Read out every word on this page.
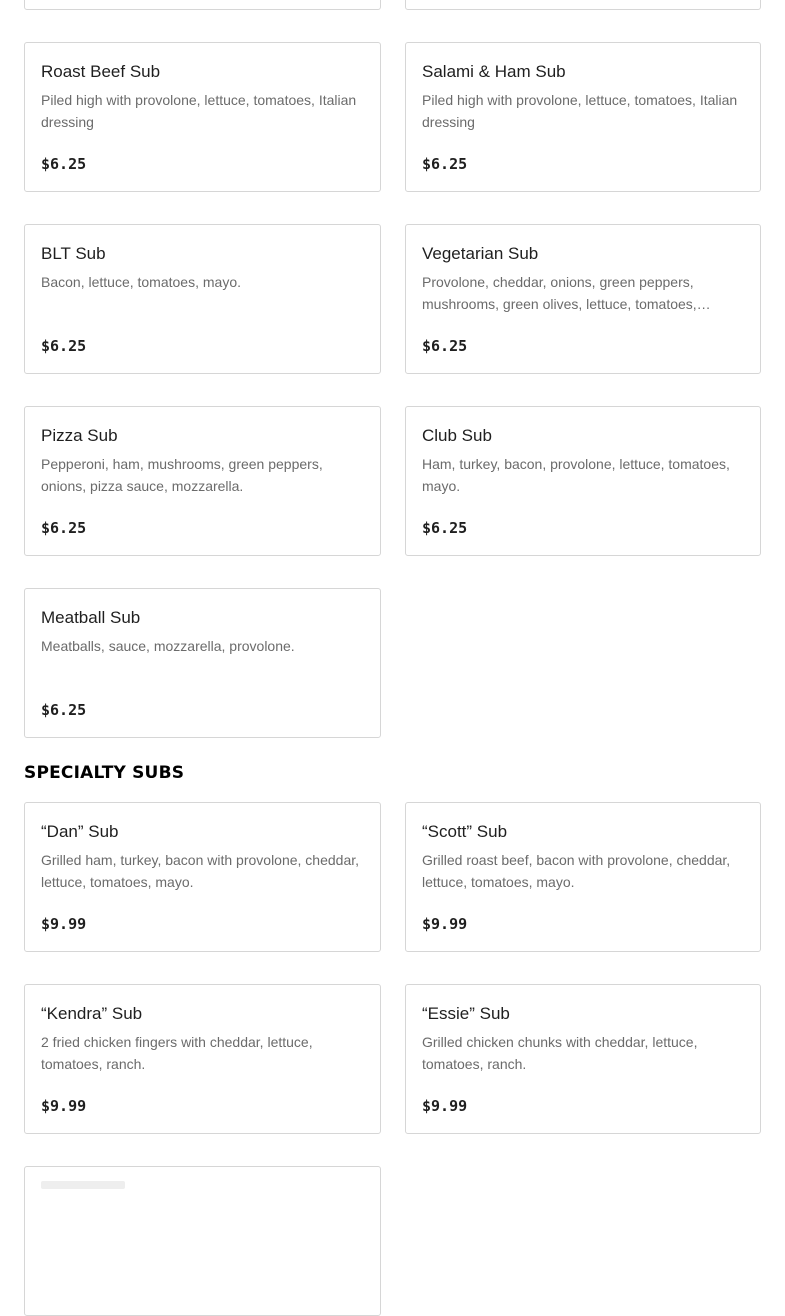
Roast Beef Sub
Piled high with provolone, lettuce, tomatoes, Italian dressing
$6.25
Salami & Ham Sub
Piled high with provolone, lettuce, tomatoes, Italian dressing
$6.25
BLT Sub
Bacon, lettuce, tomatoes, mayo.
$6.25
Vegetarian Sub
Provolone, cheddar, onions, green peppers, mushrooms, green olives, lettuce, tomatoes,…
$6.25
Pizza Sub
Pepperoni, ham, mushrooms, green peppers, onions, pizza sauce, mozzarella.
$6.25
Club Sub
Ham, turkey, bacon, provolone, lettuce, tomatoes, mayo.
$6.25
Meatball Sub
Meatballs, sauce, mozzarella, provolone.
$6.25
SPECIALTY SUBS
“Dan” Sub
Grilled ham, turkey, bacon with provolone, cheddar, lettuce, tomatoes, mayo.
$9.99
“Scott” Sub
Grilled roast beef, bacon with provolone, cheddar, lettuce, tomatoes, mayo.
$9.99
“Kendra” Sub
2 fried chicken fingers with cheddar, lettuce, tomatoes, ranch.
$9.99
“Essie” Sub
Grilled chicken chunks with cheddar, lettuce, tomatoes, ranch.
$9.99
